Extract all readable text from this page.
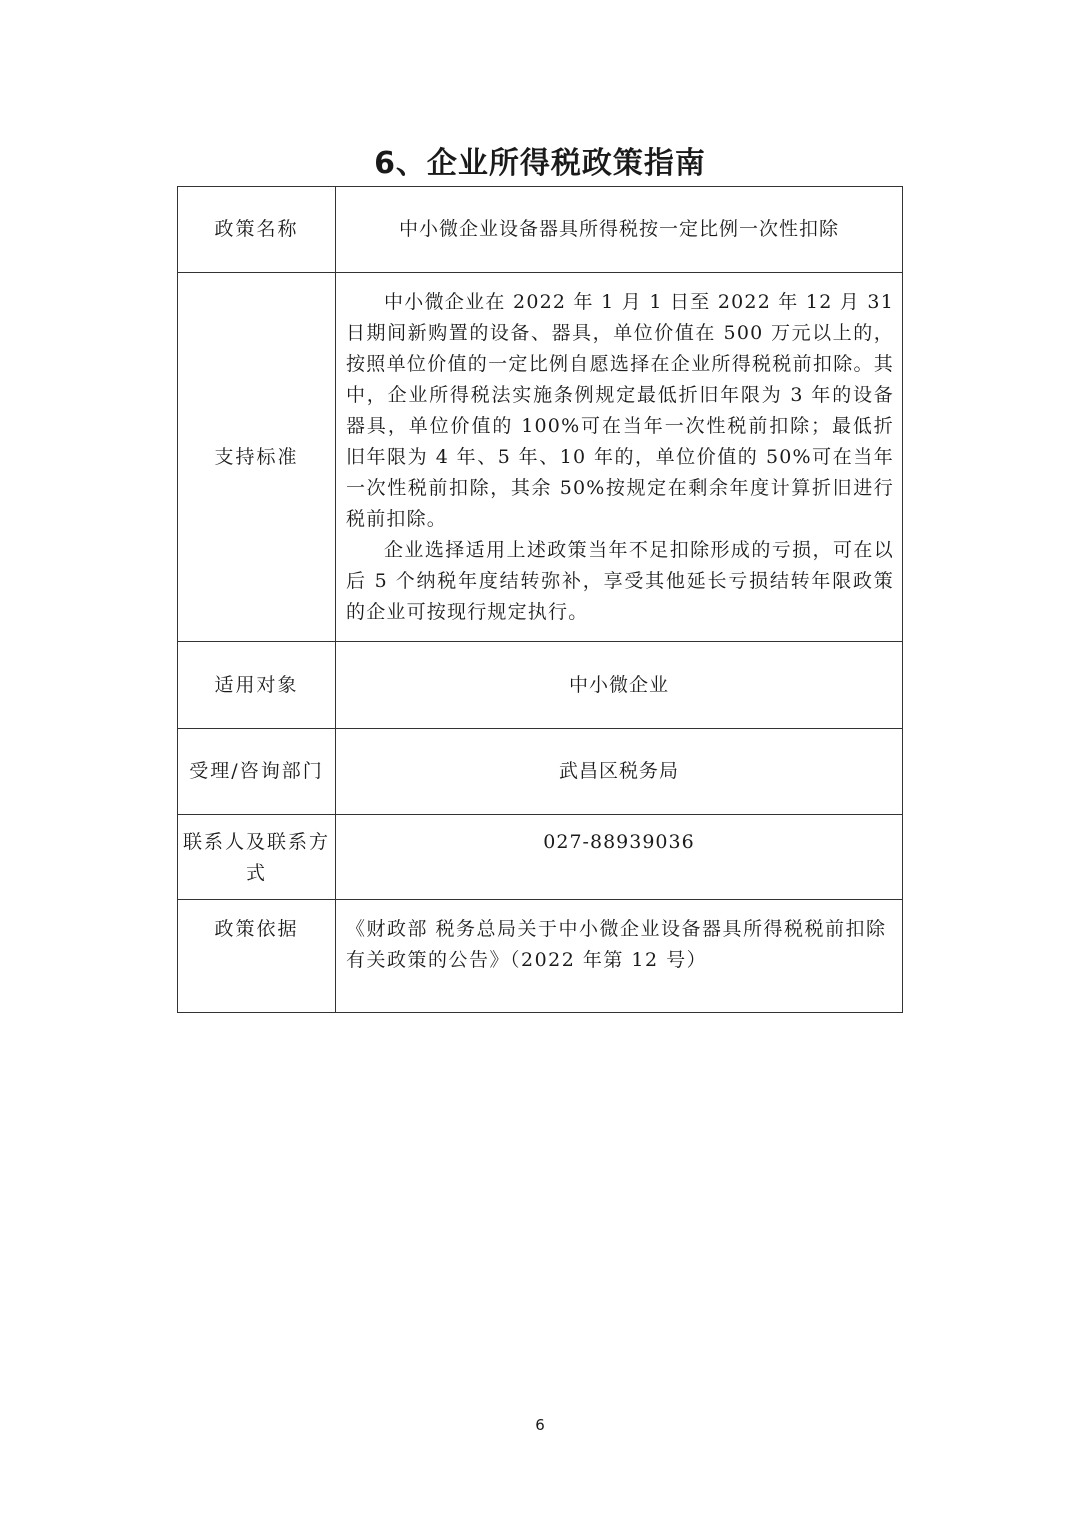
6、企业所得税政策指南
政策名称	中小微企业设备器具所得税按一定比例一次性扣除
支持标准	中小微企业在 2022 年 1 月 1 日至 2022 年 12 月 31 日期间新购置的设备、器具，单位价值在 500 万元以上的，按照单位价值的一定比例自愿选择在企业所得税税前扣除。其中，企业所得税法实施条例规定最低折旧年限为 3 年的设备器具，单位价值的 100%可在当年一次性税前扣除；最低折旧年限为 4 年、5 年、10 年的，单位价值的 50%可在当年一次性税前扣除，其余 50%按规定在剩余年度计算折旧进行税前扣除。

企业选择适用上述政策当年不足扣除形成的亏损，可在以后 5 个纳税年度结转弥补，享受其他延长亏损结转年限政策的企业可按现行规定执行。

适用对象	中小微企业
受理/咨询部门	武昌区税务局
联系人及联系方式	027-88939036
政策依据	《财政部 税务总局关于中小微企业设备器具所得税税前扣除有关政策的公告》（2022 年第 12 号）
6
